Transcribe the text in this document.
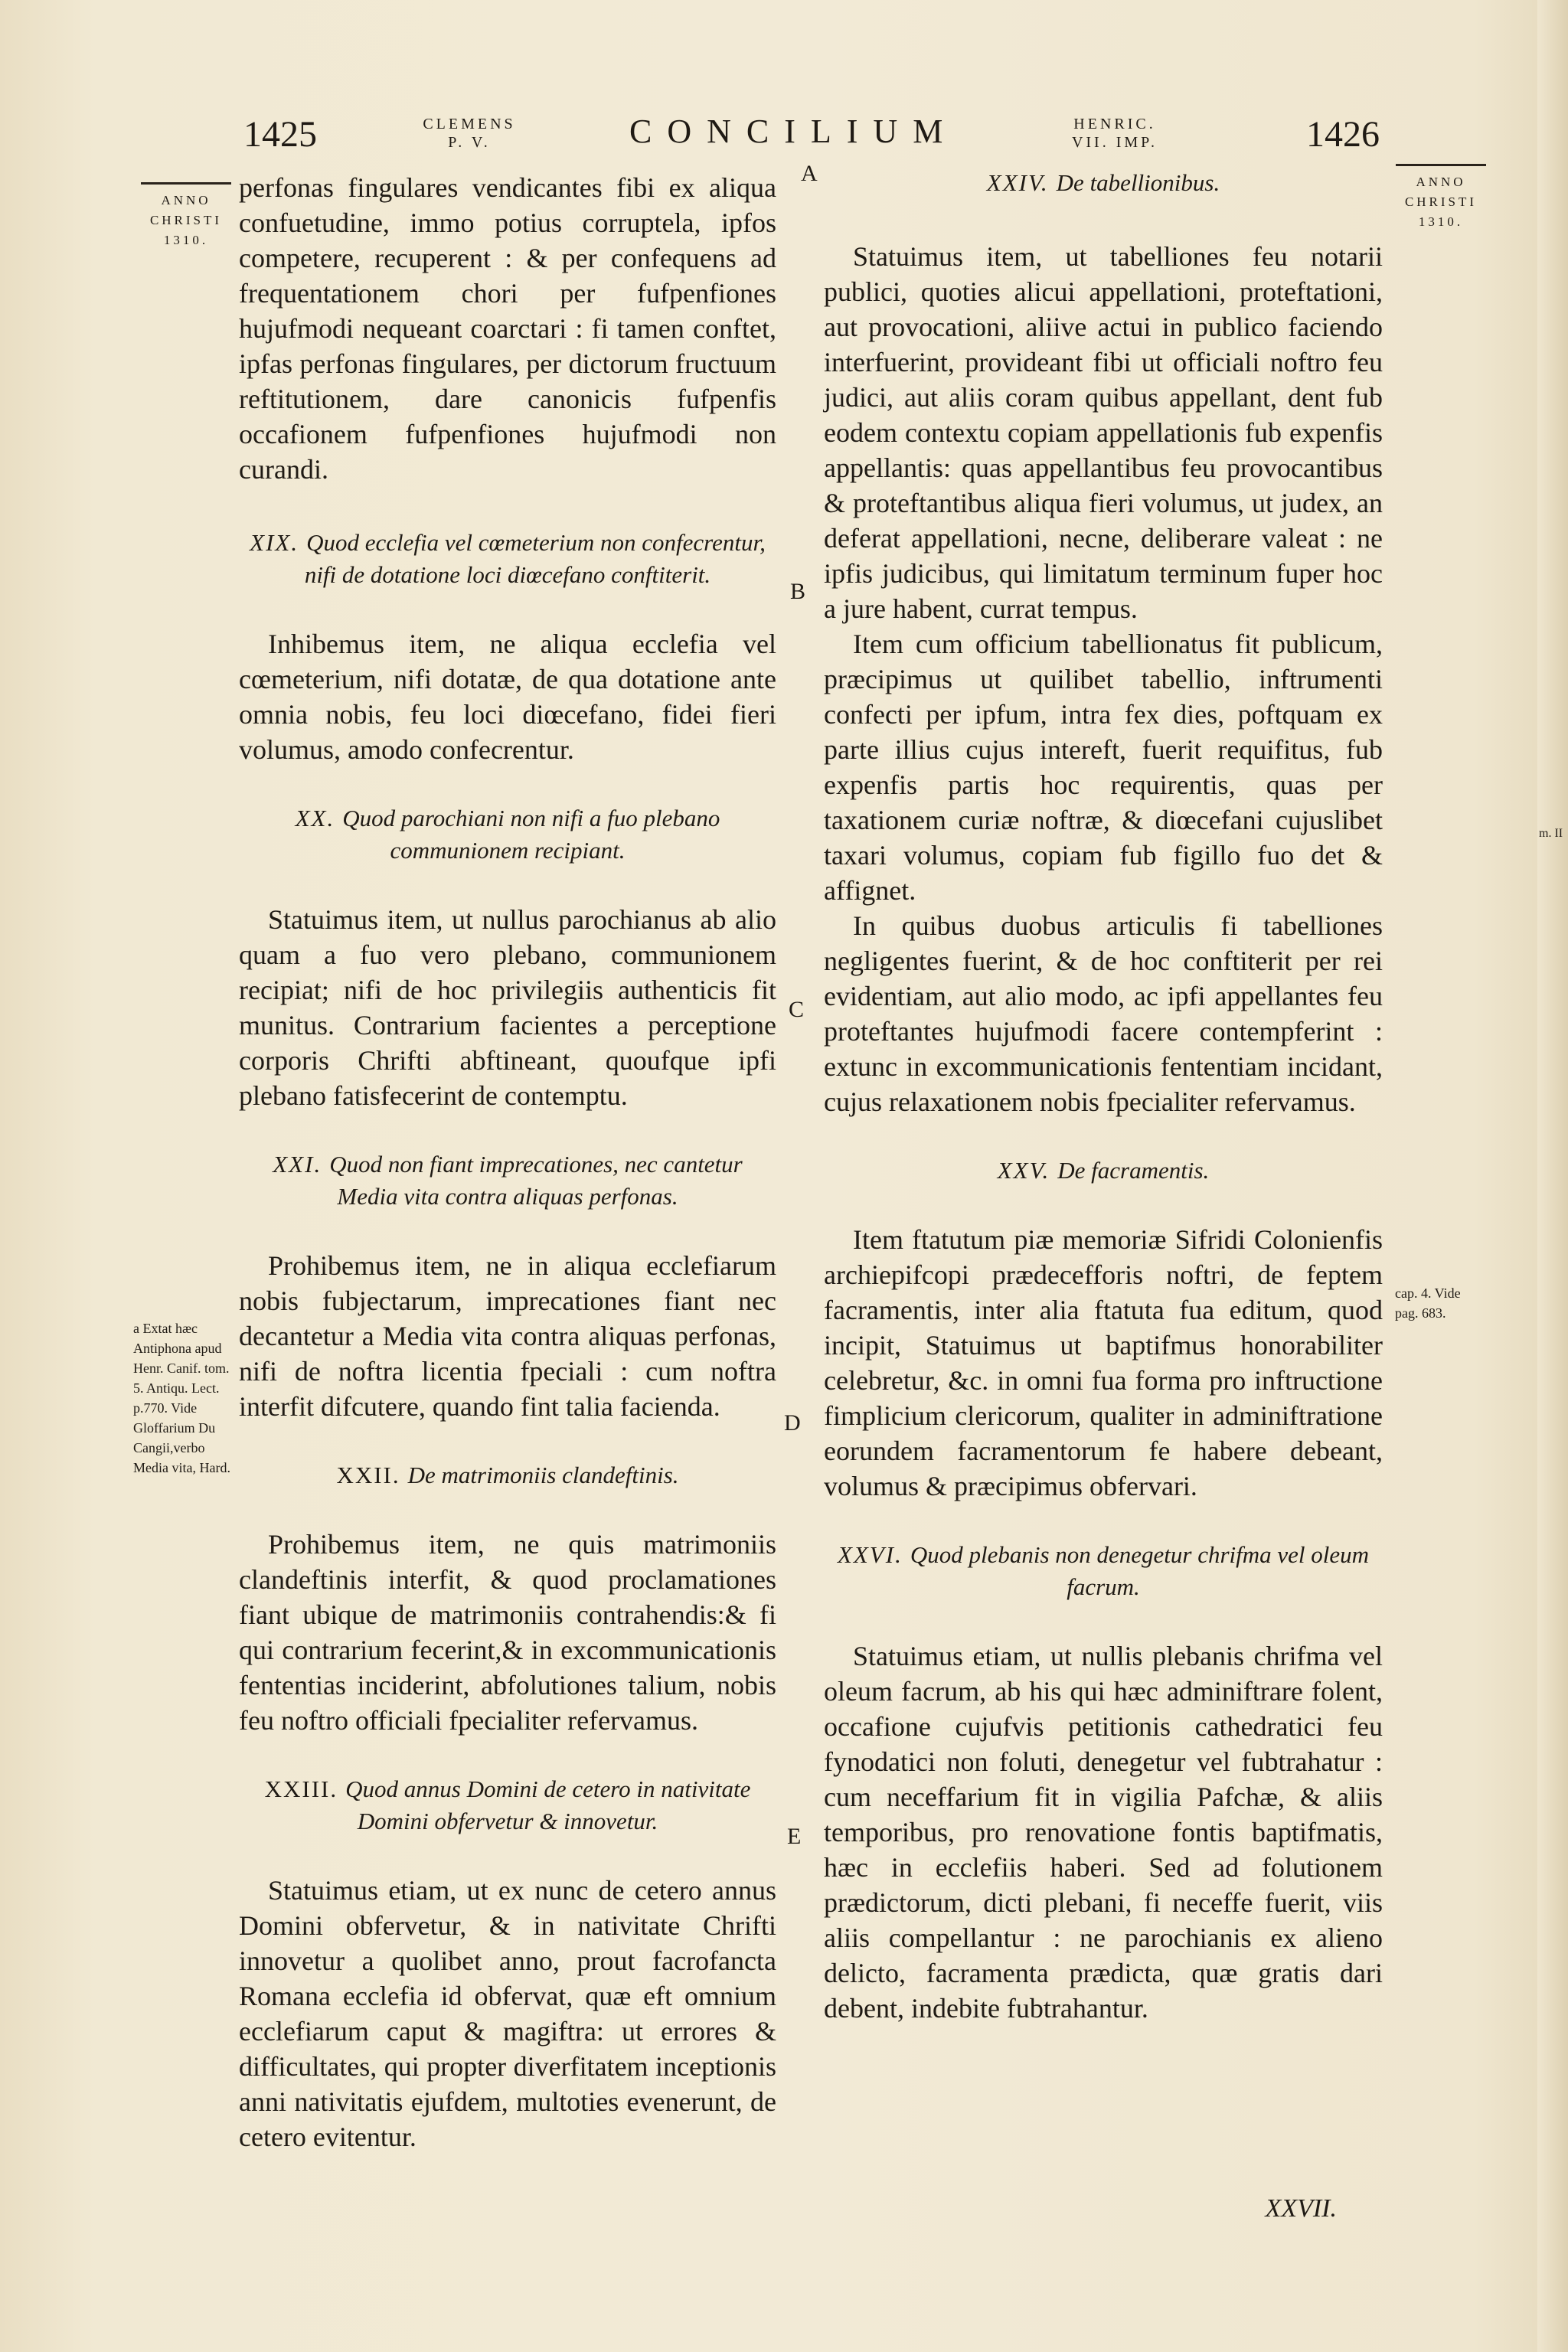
1425	CLEMENS P. V.	CONCILIUM	HENRIC. VII. IMP.	1426
ANNO CHRISTI 1310.
ANNO CHRISTI 1310.
A
B
C
D
E
a Extat hæc Antiphona apud Henr. Canif. tom. 5. Antiqu. Lect. p.770. Vide Gloffarium Du Cangii,verbo Media vita, Hard.
cap. 4. Vide pag. 683.
m. II

perfonas fingulares vendicantes fibi ex aliqua confuetudine, immo potius corruptela, ipfos competere, recuperent : & per confequens ad frequentationem chori per fufpenfiones hujufmodi nequeant coarctari : fi tamen conftet, ipfas perfonas fingulares, per dictorum fructuum reftitutionem, dare canonicis fufpenfis occafionem fufpenfiones hujufmodi non curandi.

XIX. Quod ecclefia vel cœmeterium non confecrentur, nifi de dotatione loci diœcefano conftiterit.

Inhibemus item, ne aliqua ecclefia vel cœmeterium, nifi dotatæ, de qua dotatione ante omnia nobis, feu loci diœcefano, fidei fieri volumus, amodo confecrentur.

XX. Quod parochiani non nifi a fuo plebano communionem recipiant.

Statuimus item, ut nullus parochianus ab alio quam a fuo vero plebano, communionem recipiat; nifi de hoc privilegiis authenticis fit munitus. Contrarium facientes a perceptione corporis Chrifti abftineant, quoufque ipfi plebano fatisfecerint de contemptu.

XXI. Quod non fiant imprecationes, nec cantetur Media vita contra aliquas perfonas.

Prohibemus item, ne in aliqua ecclefiarum nobis fubjectarum, imprecationes fiant nec decantetur a Media vita contra aliquas perfonas, nifi de noftra licentia fpeciali : cum noftra interfit difcutere, quando fint talia facienda.

XXII. De matrimoniis clandeftinis.

Prohibemus item, ne quis matrimoniis clandeftinis interfit, & quod proclamationes fiant ubique de matrimoniis contrahendis:& fi qui contrarium fecerint,& in excommunicationis fententias inciderint, abfolutiones talium, nobis feu noftro officiali fpecialiter refervamus.

XXIII. Quod annus Domini de cetero in nativitate Domini obfervetur & innovetur.

Statuimus etiam, ut ex nunc de cetero annus Domini obfervetur, & in nativitate Chrifti innovetur a quolibet anno, prout facrofancta Romana ecclefia id obfervat, quæ eft omnium ecclefiarum caput & magiftra: ut errores & difficultates, qui propter diverfitatem inceptionis anni nativitatis ejufdem, multoties evenerunt, de cetero evitentur.

XXIV. De tabellionibus.

Statuimus item, ut tabelliones feu notarii publici, quoties alicui appellationi, proteftationi, aut provocationi, aliive actui in publico faciendo interfuerint, provideant fibi ut officiali noftro feu judici, aut aliis coram quibus appellant, dent fub eodem contextu copiam appellationis fub expenfis appellantis: quas appellantibus feu provocantibus & proteftantibus aliqua fieri volumus, ut judex, an deferat appellationi, necne, deliberare valeat : ne ipfis judicibus, qui limitatum terminum fuper hoc a jure habent, currat tempus.

Item cum officium tabellionatus fit publicum, præcipimus ut quilibet tabellio, inftrumenti confecti per ipfum, intra fex dies, poftquam ex parte illius cujus intereft, fuerit requifitus, fub expenfis partis hoc requirentis, quas per taxationem curiæ noftræ, & diœcefani cujuslibet taxari volumus, copiam fub figillo fuo det & affignet.

In quibus duobus articulis fi tabelliones negligentes fuerint, & de hoc conftiterit per rei evidentiam, aut alio modo, ac ipfi appellantes feu proteftantes hujufmodi facere contempferint : extunc in excommunicationis fententiam incidant, cujus relaxationem nobis fpecialiter refervamus.

XXV. De facramentis.

Item ftatutum piæ memoriæ Sifridi Colonienfis archiepifcopi prædecefforis noftri, de feptem facramentis, inter alia ftatuta fua editum, quod incipit, Statuimus ut baptifmus honorabiliter celebretur, &c. in omni fua forma pro inftructione fimplicium clericorum, qualiter in adminiftratione eorundem facramentorum fe habere debeant, volumus & præcipimus obfervari.

XXVI. Quod plebanis non denegetur chrifma vel oleum facrum.

Statuimus etiam, ut nullis plebanis chrifma vel oleum facrum, ab his qui hæc adminiftrare folent, occafione cujufvis petitionis cathedratici feu fynodatici non foluti, denegetur vel fubtrahatur : cum neceffarium fit in vigilia Pafchæ, & aliis temporibus, pro renovatione fontis baptifmatis, hæc in ecclefiis haberi. Sed ad folutionem prædictorum, dicti plebani, fi neceffe fuerit, viis aliis compellantur : ne parochianis ex alieno delicto, facramenta prædicta, quæ gratis dari debent, indebite fubtrahantur.

XXVII.
